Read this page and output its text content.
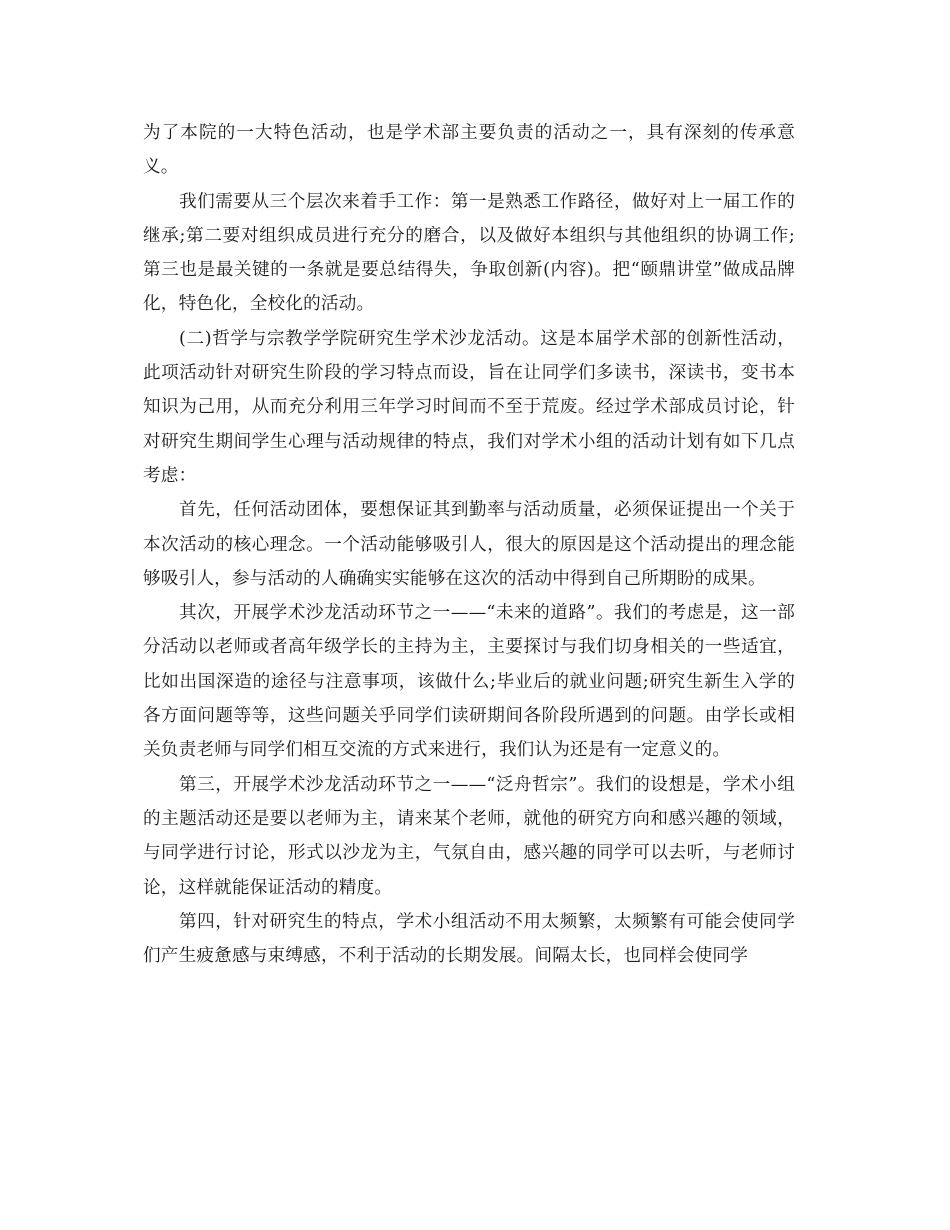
为了本院的一大特色活动，也是学术部主要负责的活动之一，具有深刻的传承意义。

我们需要从三个层次来着手工作：第一是熟悉工作路径，做好对上一届工作的继承;第二要对组织成员进行充分的磨合，以及做好本组织与其他组织的协调工作;第三也是最关键的一条就是要总结得失，争取创新(内容)。把“颐鼎讲堂”做成品牌化，特色化，全校化的活动。

(二)哲学与宗教学学院研究生学术沙龙活动。这是本届学术部的创新性活动，此项活动针对研究生阶段的学习特点而设，旨在让同学们多读书，深读书，变书本知识为己用，从而充分利用三年学习时间而不至于荒废。经过学术部成员讨论，针对研究生期间学生心理与活动规律的特点，我们对学术小组的活动计划有如下几点考虑：

首先，任何活动团体，要想保证其到勤率与活动质量，必须保证提出一个关于本次活动的核心理念。一个活动能够吸引人，很大的原因是这个活动提出的理念能够吸引人，参与活动的人确确实实能够在这次的活动中得到自己所期盼的成果。

其次，开展学术沙龙活动环节之一——“未来的道路”。我们的考虑是，这一部分活动以老师或者高年级学长的主持为主，主要探讨与我们切身相关的一些适宜，比如出国深造的途径与注意事项，该做什么;毕业后的就业问题;研究生新生入学的各方面问题等等，这些问题关乎同学们读研期间各阶段所遇到的问题。由学长或相关负责老师与同学们相互交流的方式来进行，我们认为还是有一定意义的。

第三，开展学术沙龙活动环节之一——“泛舟哲宗”。我们的设想是，学术小组的主题活动还是要以老师为主，请来某个老师，就他的研究方向和感兴趣的领域，与同学进行讨论，形式以沙龙为主，气氛自由，感兴趣的同学可以去听，与老师讨论，这样就能保证活动的精度。

第四，针对研究生的特点，学术小组活动不用太频繁，太频繁有可能会使同学们产生疲惫感与束缚感，不利于活动的长期发展。间隔太长，也同样会使同学
